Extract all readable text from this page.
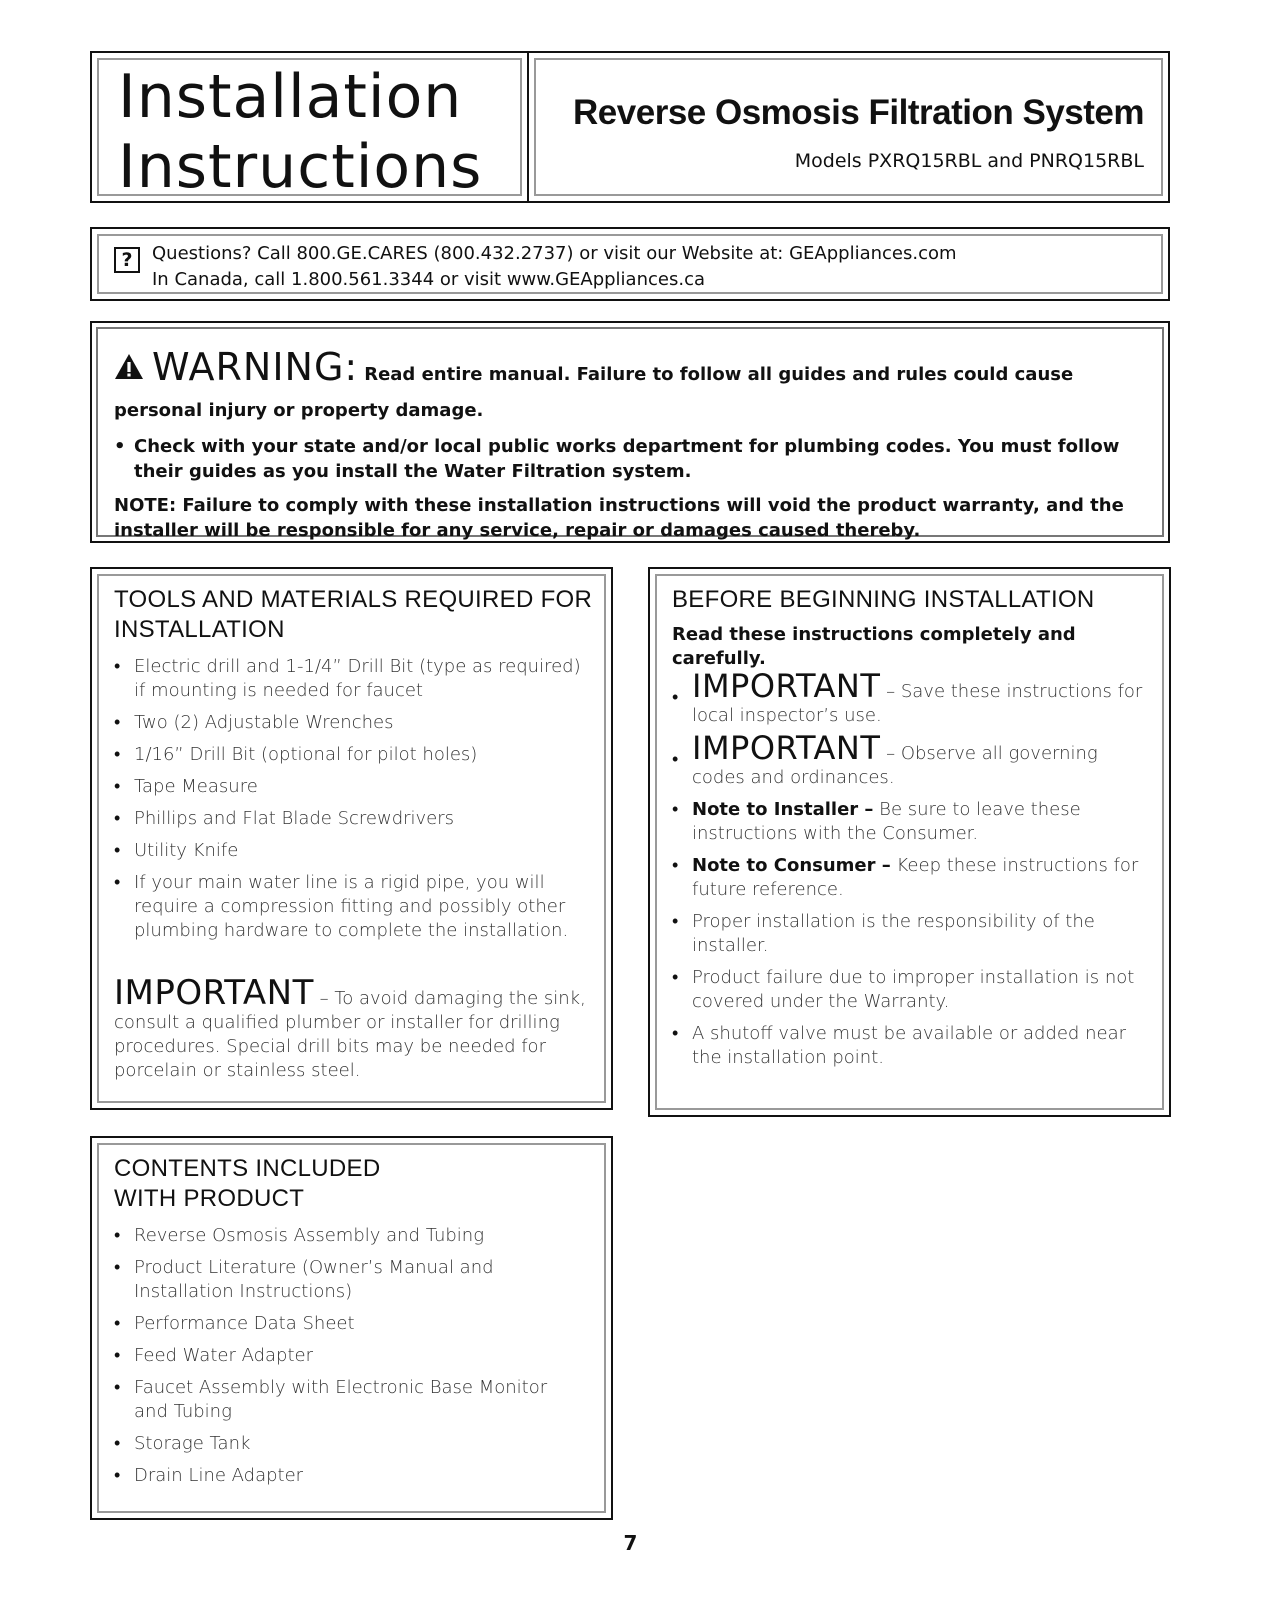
Installation
Instructions
Reverse Osmosis Filtration System
Models PXRQ15RBL and PNRQ15RBL
?	Questions? Call 800.GE.CARES (800.432.2737) or visit our Website at: GEAppliances.com
In Canada, call 1.800.561.3344 or visit www.GEAppliances.ca
WARNING: Read entire manual. Failure to follow all guides and rules could cause
personal injury or property damage.
• Check with your state and/or local public works department for plumbing codes. You must follow their guides as you install the Water Filtration system.
NOTE: Failure to comply with these installation instructions will void the product warranty, and the installer will be responsible for any service, repair or damages caused thereby.
TOOLS AND MATERIALS REQUIRED FOR INSTALLATION
• Electric drill and 1-1/4” Drill Bit (type as required) if mounting is needed for faucet
• Two (2) Adjustable Wrenches
• 1/16” Drill Bit (optional for pilot holes)
• Tape Measure
• Phillips and Flat Blade Screwdrivers
• Utility Knife
• If your main water line is a rigid pipe, you will require a compression fitting and possibly other plumbing hardware to complete the installation.
IMPORTANT – To avoid damaging the sink, consult a qualified plumber or installer for drilling procedures. Special drill bits may be needed for porcelain or stainless steel.
BEFORE BEGINNING INSTALLATION
Read these instructions completely and carefully.
• IMPORTANT – Save these instructions for local inspector’s use.
• IMPORTANT – Observe all governing codes and ordinances.
• Note to Installer – Be sure to leave these instructions with the Consumer.
• Note to Consumer – Keep these instructions for future reference.
• Proper installation is the responsibility of the installer.
• Product failure due to improper installation is not covered under the Warranty.
• A shutoff valve must be available or added near the installation point.
CONTENTS INCLUDED
WITH PRODUCT
• Reverse Osmosis Assembly and Tubing
• Product Literature (Owner’s Manual and Installation Instructions)
• Performance Data Sheet
• Feed Water Adapter
• Faucet Assembly with Electronic Base Monitor and Tubing
• Storage Tank
• Drain Line Adapter
7
